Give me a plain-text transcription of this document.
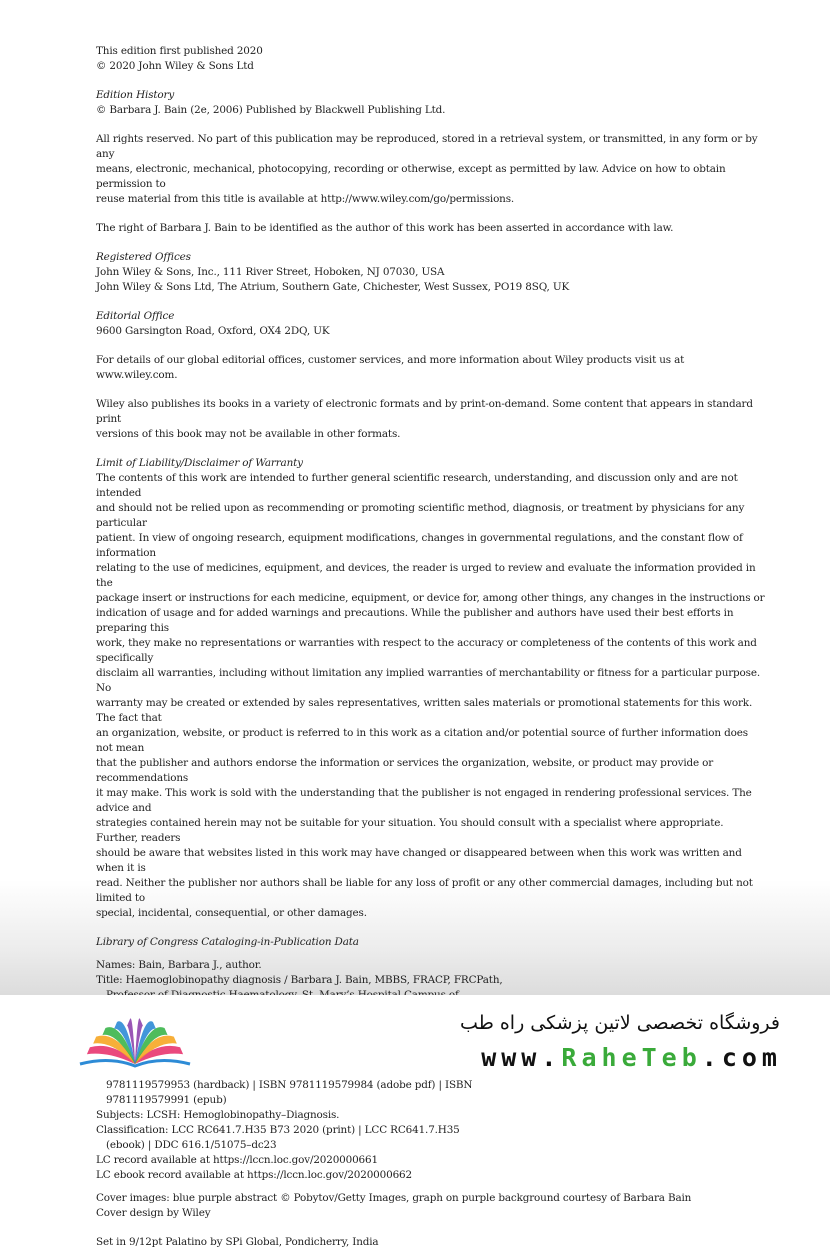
This edition first published 2020

© 2020 John Wiley & Sons Ltd

Edition History

© Barbara J. Bain (2e, 2006) Published by Blackwell Publishing Ltd.

All rights reserved. No part of this publication may be reproduced, stored in a retrieval system, or transmitted, in any form or by any

means, electronic, mechanical, photocopying, recording or otherwise, except as permitted by law. Advice on how to obtain permission to

reuse material from this title is available at http://www.wiley.com/go/permissions.

The right of Barbara J. Bain to be identified as the author of this work has been asserted in accordance with law.

Registered Offices

John Wiley & Sons, Inc., 111 River Street, Hoboken, NJ 07030, USA

John Wiley & Sons Ltd, The Atrium, Southern Gate, Chichester, West Sussex, PO19 8SQ, UK

Editorial Office

9600 Garsington Road, Oxford, OX4 2DQ, UK

For details of our global editorial offices, customer services, and more information about Wiley products visit us at www.wiley.com.

Wiley also publishes its books in a variety of electronic formats and by print-on-demand. Some content that appears in standard print

versions of this book may not be available in other formats.

Limit of Liability/Disclaimer of Warranty

The contents of this work are intended to further general scientific research, understanding, and discussion only and are not intended

and should not be relied upon as recommending or promoting scientific method, diagnosis, or treatment by physicians for any particular

patient. In view of ongoing research, equipment modifications, changes in governmental regulations, and the constant flow of information

relating to the use of medicines, equipment, and devices, the reader is urged to review and evaluate the information provided in the

package insert or instructions for each medicine, equipment, or device for, among other things, any changes in the instructions or

indication of usage and for added warnings and precautions. While the publisher and authors have used their best efforts in preparing this

work, they make no representations or warranties with respect to the accuracy or completeness of the contents of this work and specifically

disclaim all warranties, including without limitation any implied warranties of merchantability or fitness for a particular purpose. No

warranty may be created or extended by sales representatives, written sales materials or promotional statements for this work. The fact that

an organization, website, or product is referred to in this work as a citation and/or potential source of further information does not mean

that the publisher and authors endorse the information or services the organization, website, or product may provide or recommendations

it may make. This work is sold with the understanding that the publisher is not engaged in rendering professional services. The advice and

strategies contained herein may not be suitable for your situation. You should consult with a specialist where appropriate. Further, readers

should be aware that websites listed in this work may have changed or disappeared between when this work was written and when it is

read. Neither the publisher nor authors shall be liable for any loss of profit or any other commercial damages, including but not limited to

special, incidental, consequential, or other damages.

Library of Congress Cataloging-in-Publication Data

Names: Bain, Barbara J., author.

Title: Haemoglobinopathy diagnosis / Barbara J. Bain, MBBS, FRACP, FRCPath,

9781119579953 (hardback) | ISBN 9781119579984 (adobe pdf) | ISBN

9781119579991 (epub)

Subjects: LCSH: Hemoglobinopathy–Diagnosis.

Classification: LCC RC641.7.H35 B73 2020 (print) | LCC RC641.7.H35

(ebook) | DDC 616.1/51075–dc23

LC record available at https://lccn.loc.gov/2020000661

LC ebook record available at https://lccn.loc.gov/2020000662

Cover images: blue purple abstract © Pobytov/Getty Images, graph on purple background courtesy of Barbara Bain

Cover design by Wiley

Set in 9/12pt Palatino by SPi Global, Pondicherry, India

فروشگاه تخصصی لاتین پزشکی راه طب
www.RaheTeb.com
